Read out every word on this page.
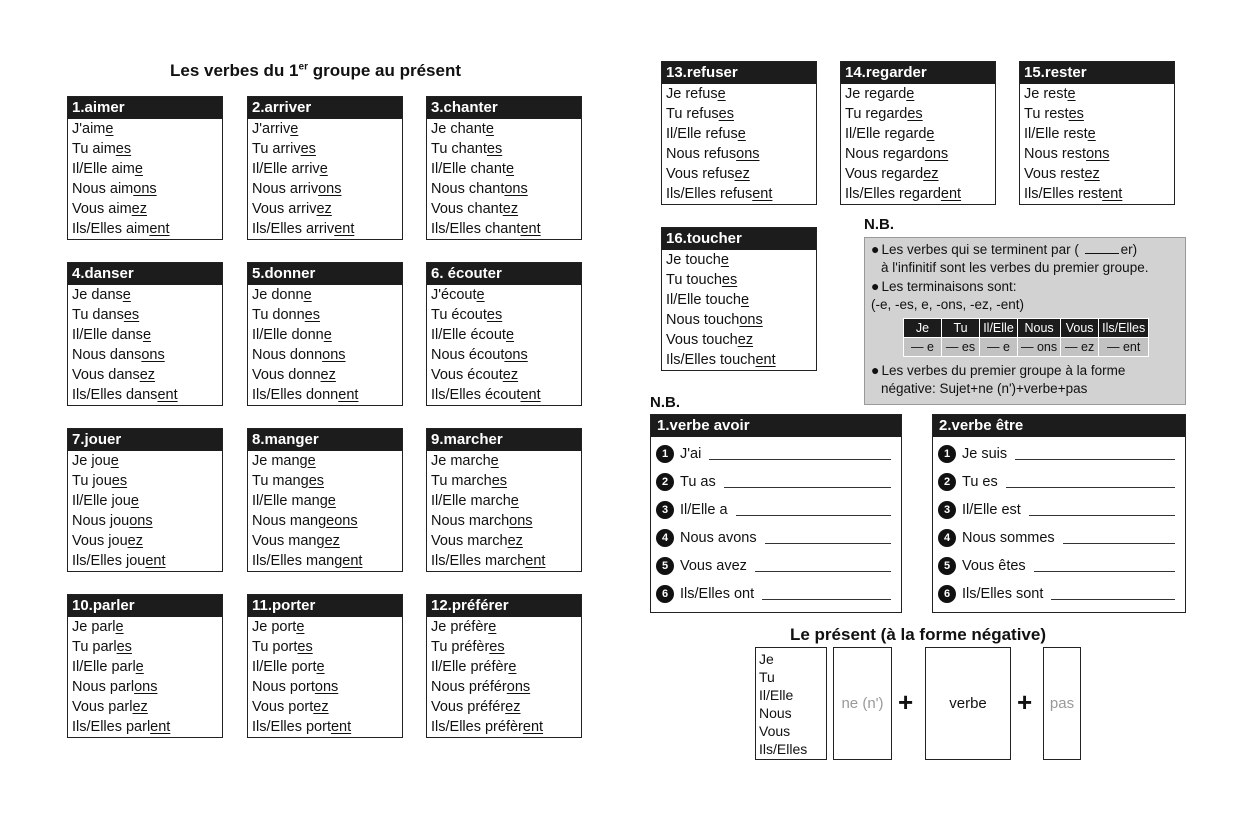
Les verbes du 1er groupe au présent
1.aimer
J'aime
Tu aimes
Il/Elle aime
Nous aimons
Vous aimez
Ils/Elles aiment
2.arriver
J'arrive
Tu arrives
Il/Elle arrive
Nous arrivons
Vous arrivez
Ils/Elles arrivent
3.chanter
Je chante
Tu chantes
Il/Elle chante
Nous chantons
Vous chantez
Ils/Elles chantent
4.danser
Je danse
Tu danses
Il/Elle danse
Nous dansons
Vous dansez
Ils/Elles dansent
5.donner
Je donne
Tu donnes
Il/Elle donne
Nous donnons
Vous donnez
Ils/Elles donnent
6. écouter
J'écoute
Tu écoutes
Il/Elle écoute
Nous écoutons
Vous écoutez
Ils/Elles écoutent
7.jouer
Je joue
Tu joues
Il/Elle joue
Nous jouons
Vous jouez
Ils/Elles jouent
8.manger
Je mange
Tu manges
Il/Elle mange
Nous mangeons
Vous mangez
Ils/Elles mangent
9.marcher
Je marche
Tu marches
Il/Elle marche
Nous marchons
Vous marchez
Ils/Elles marchent
10.parler
Je parle
Tu parles
Il/Elle parle
Nous parlons
Vous parlez
Ils/Elles parlent
11.porter
Je porte
Tu portes
Il/Elle porte
Nous portons
Vous portez
Ils/Elles portent
12.préférer
Je préfère
Tu préfères
Il/Elle préfère
Nous préférons
Vous préférez
Ils/Elles préfèrent
13.refuser
Je refuse
Tu refuses
Il/Elle refuse
Nous refusons
Vous refusez
Ils/Elles refusent
14.regarder
Je regarde
Tu regardes
Il/Elle regarde
Nous regardons
Vous regardez
Ils/Elles regardent
15.rester
Je reste
Tu restes
Il/Elle reste
Nous restons
Vous restez
Ils/Elles restent
16.toucher
Je touche
Tu touches
Il/Elle touche
Nous touchons
Vous touchez
Ils/Elles touchent
N.B.
● Les verbes qui se terminent par (	er)
à l'infinitif sont les verbes du premier groupe.
● Les terminaisons sont:
(-e, -es, e, -ons, -ez, -ent)
Je	Tu	Il/Elle	Nous	Vous	Ils/Elles
— e	— es	— e	— ons	— ez	— ent
● Les verbes du premier groupe à la forme
négative: Sujet+ne (n')+verbe+pas
N.B.
1.verbe avoir
1 J'ai
2 Tu as
3 Il/Elle a
4 Nous avons
5 Vous avez
6 Ils/Elles ont
2.verbe être
1 Je suis
2 Tu es
3 Il/Elle est
4 Nous sommes
5 Vous êtes
6 Ils/Elles sont
Le présent (à la forme négative)
Je
Tu
Il/Elle
Nous
Vous
Ils/Elles
ne (n') +	verbe	+	pas
